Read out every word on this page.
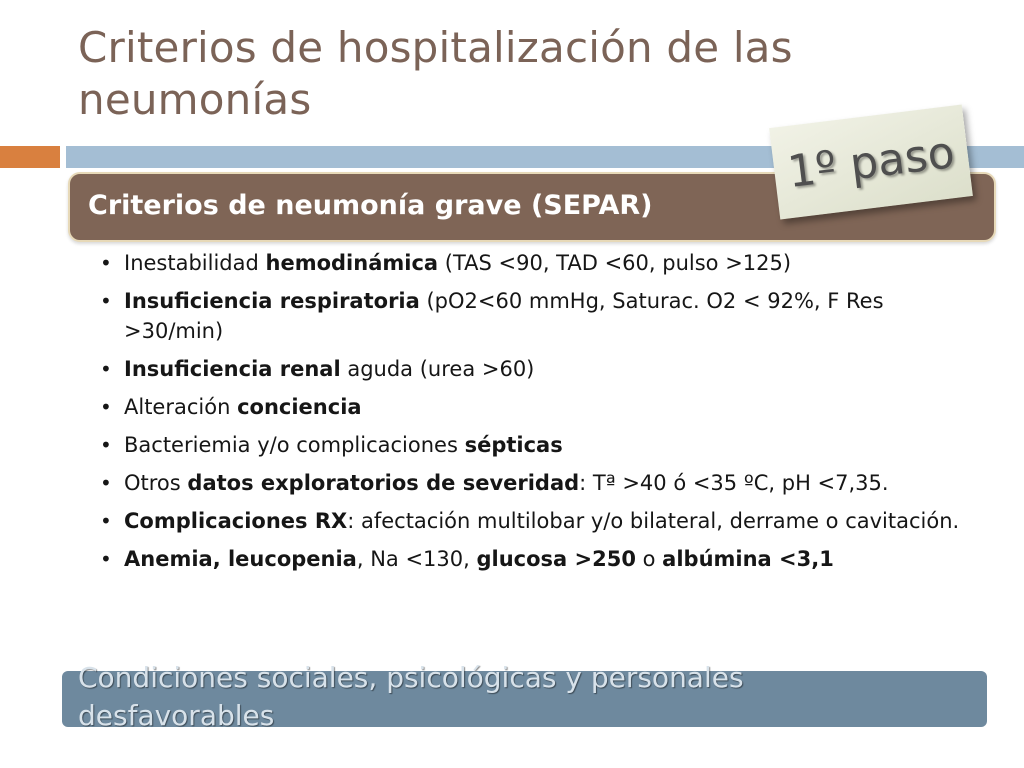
Criterios de hospitalización de las neumonías
Criterios de neumonía grave (SEPAR)
1º paso
• Inestabilidad hemodinámica (TAS <90, TAD <60, pulso >125)
• Insuficiencia respiratoria (pO2<60 mmHg, Saturac. O2 < 92%, F Res >30/min)
• Insuficiencia renal aguda (urea >60)
• Alteración conciencia
• Bacteriemia y/o complicaciones sépticas
• Otros datos exploratorios de severidad: Tª >40 ó <35 ºC, pH <7,35.
• Complicaciones RX: afectación multilobar y/o bilateral, derrame o cavitación.
• Anemia, leucopenia, Na <130, glucosa >250 o albúmina <3,1
Condiciones sociales, psicológicas y personales desfavorables
